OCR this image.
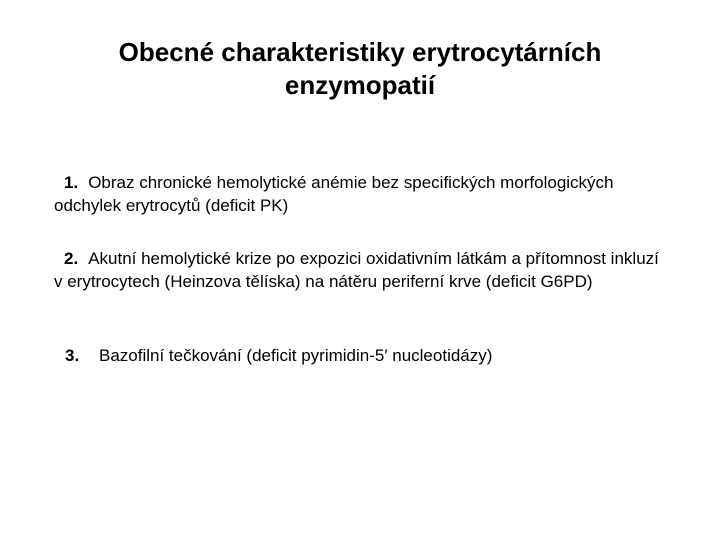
Obecné charakteristiky erytrocytárních enzymopatií
1. Obraz chronické hemolytické anémie bez specifických morfologických odchylek erytrocytů (deficit PK)
2. Akutní hemolytické krize po expozici oxidativním látkám a přítomnost inkluzí v erytrocytech (Heinzova tělíska) na nátěru periferní krve (deficit G6PD)
3. Bazofilní tečkování (deficit pyrimidin-5′ nucleotidázy)
